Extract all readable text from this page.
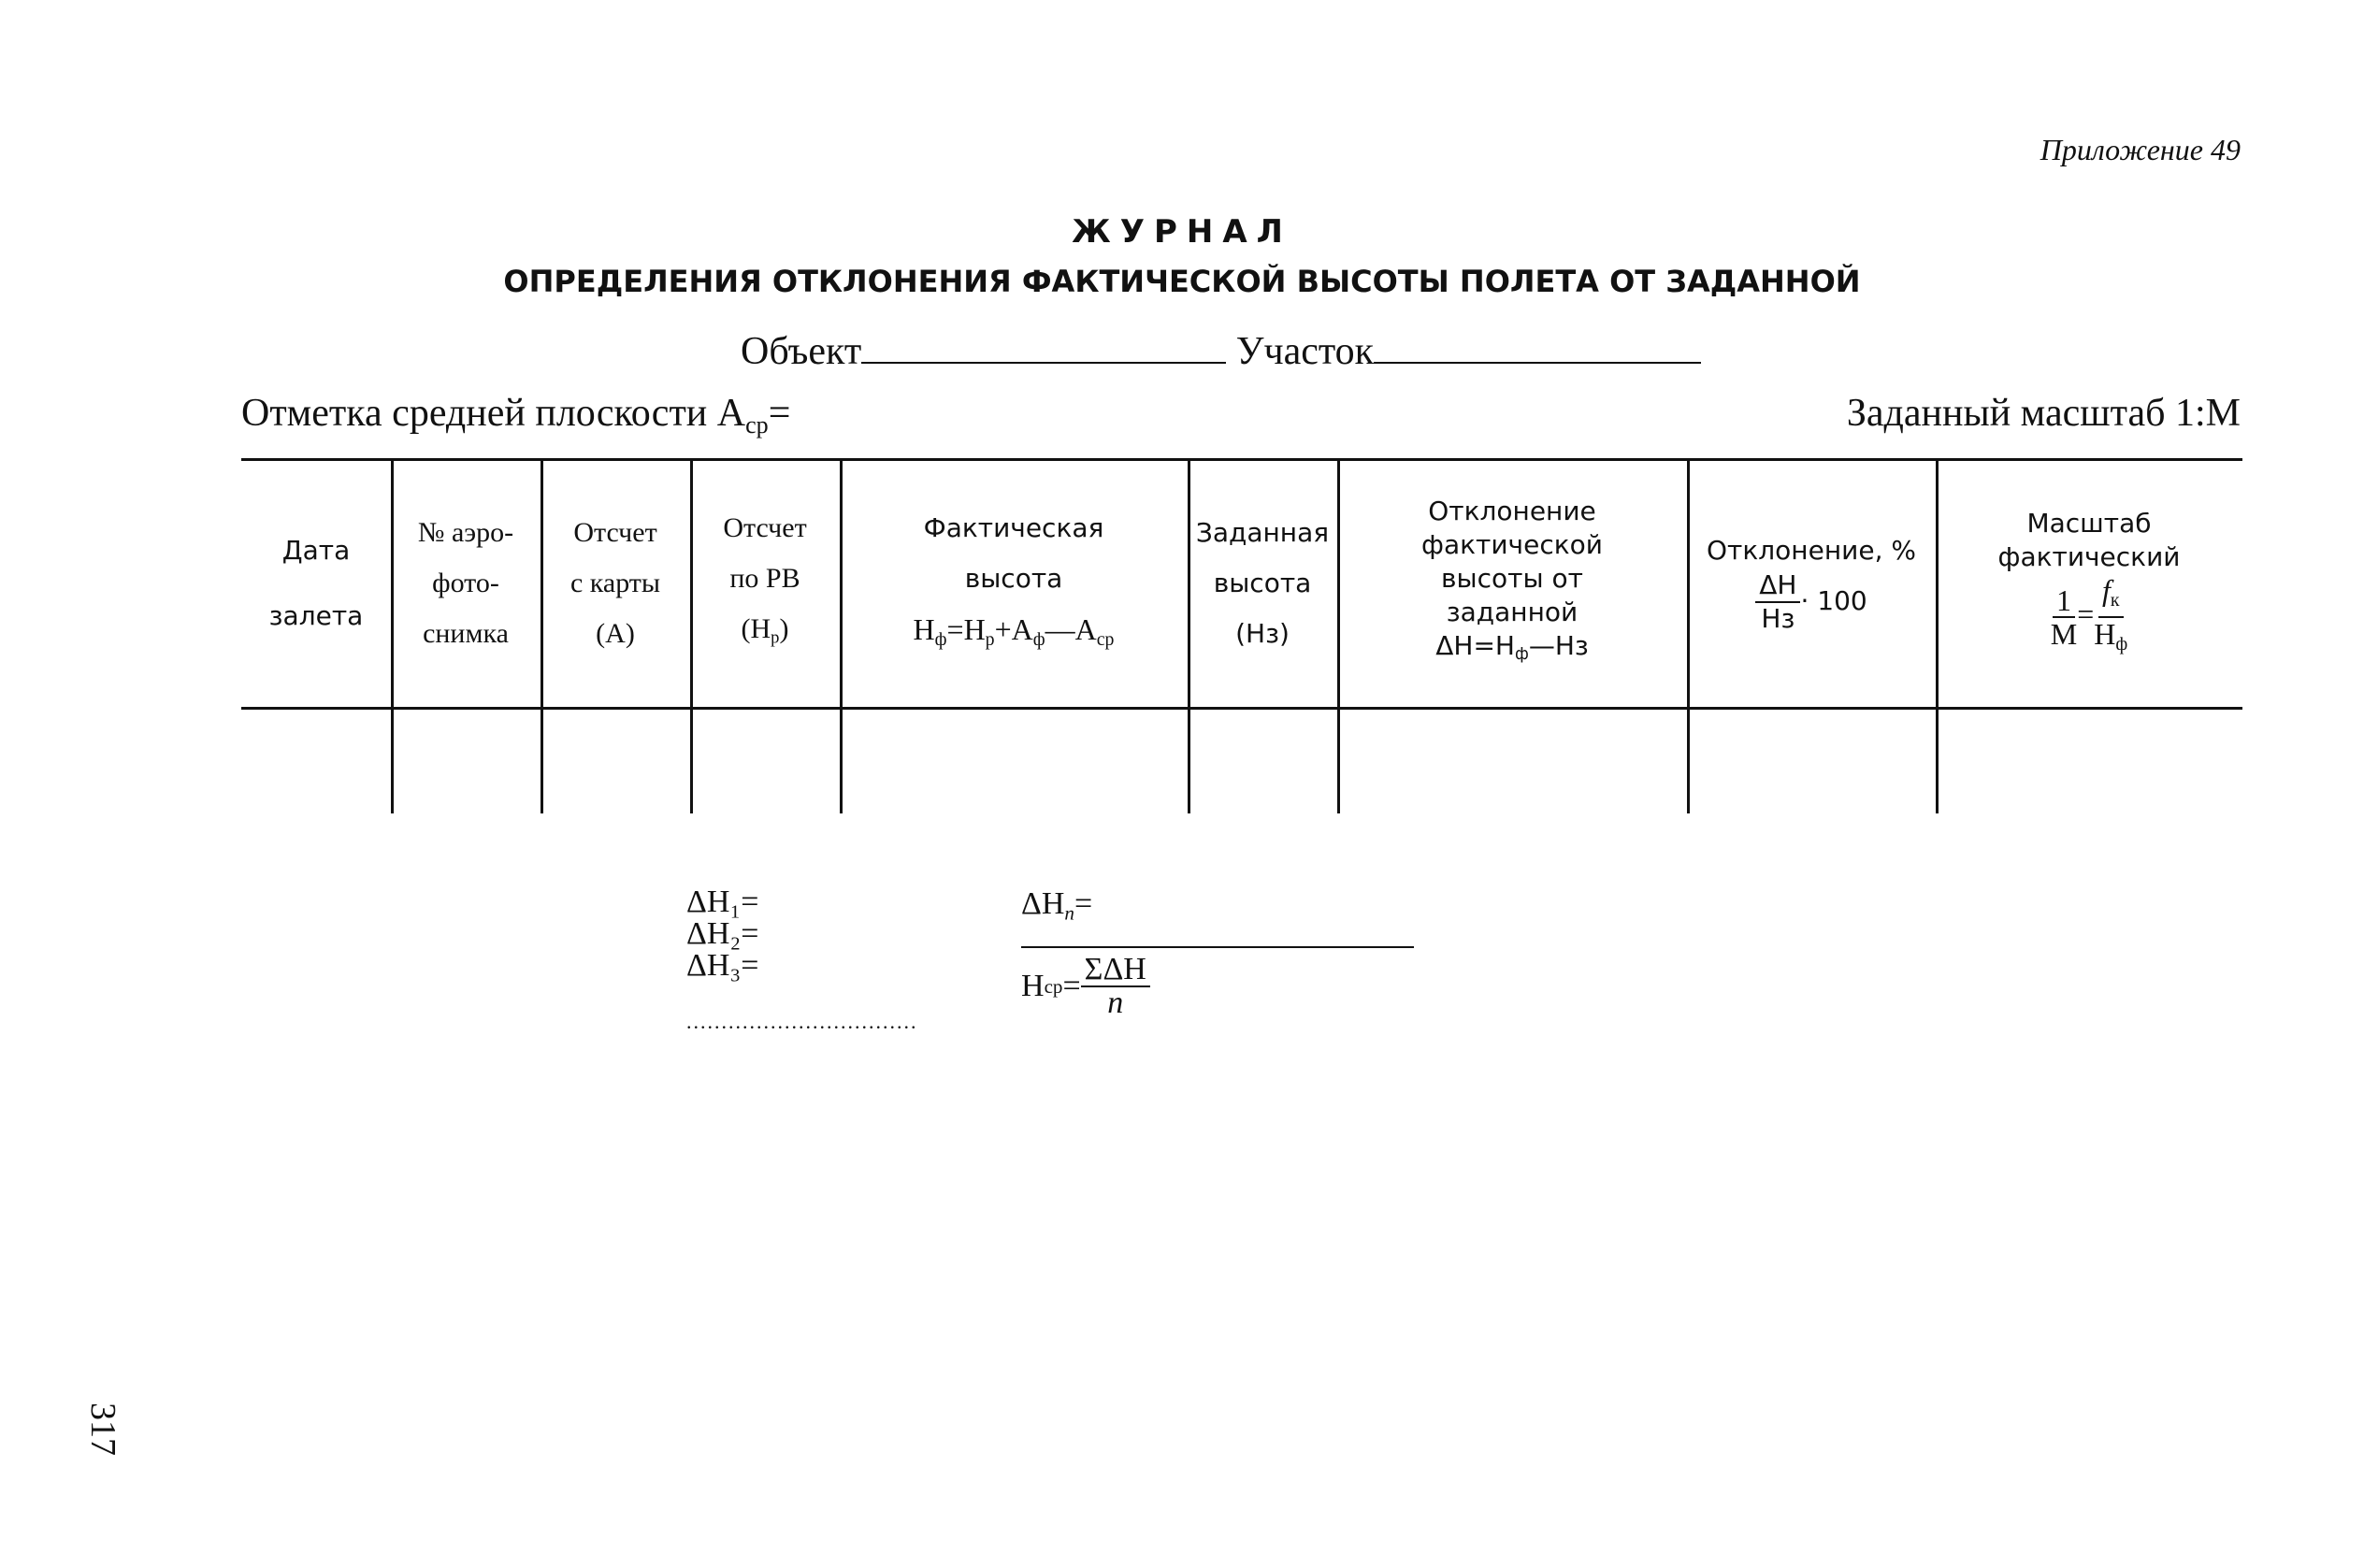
Приложение 49
ЖУРНАЛ
ОПРЕДЕЛЕНИЯ ОТКЛОНЕНИЯ ФАКТИЧЕСКОЙ ВЫСОТЫ ПОЛЕТА ОТ ЗАДАННОЙ
Объект	Участок
Отметка средней плоскости $А_{ср}=$	Заданный масштаб 1:М
Дата
залета
№ аэро-
фото-
снимка
Отсчет
с карты
(А)
Отсчет
по РВ
$(Н_р)$
Фактическая
высота
$Н_ф=Н_р+А_ф—А_{ср}$
Заданная
высота
(Нз)
Отклонение
фактической
высоты от
заданной
$\Delta Н=Н_ф—Нз$
Отклонение, %
$\frac{\Delta Н}{Нз} \cdot 100$
Масштаб
фактический
$\frac{1}{М} = \frac{f_к}{Н_ф}$
ΔН₁=
ΔН₂=
ΔН₃=
.................................
$\Delta Н_n=$
Н ср = $\frac{\text{ΣΔН}}{n}$
317
